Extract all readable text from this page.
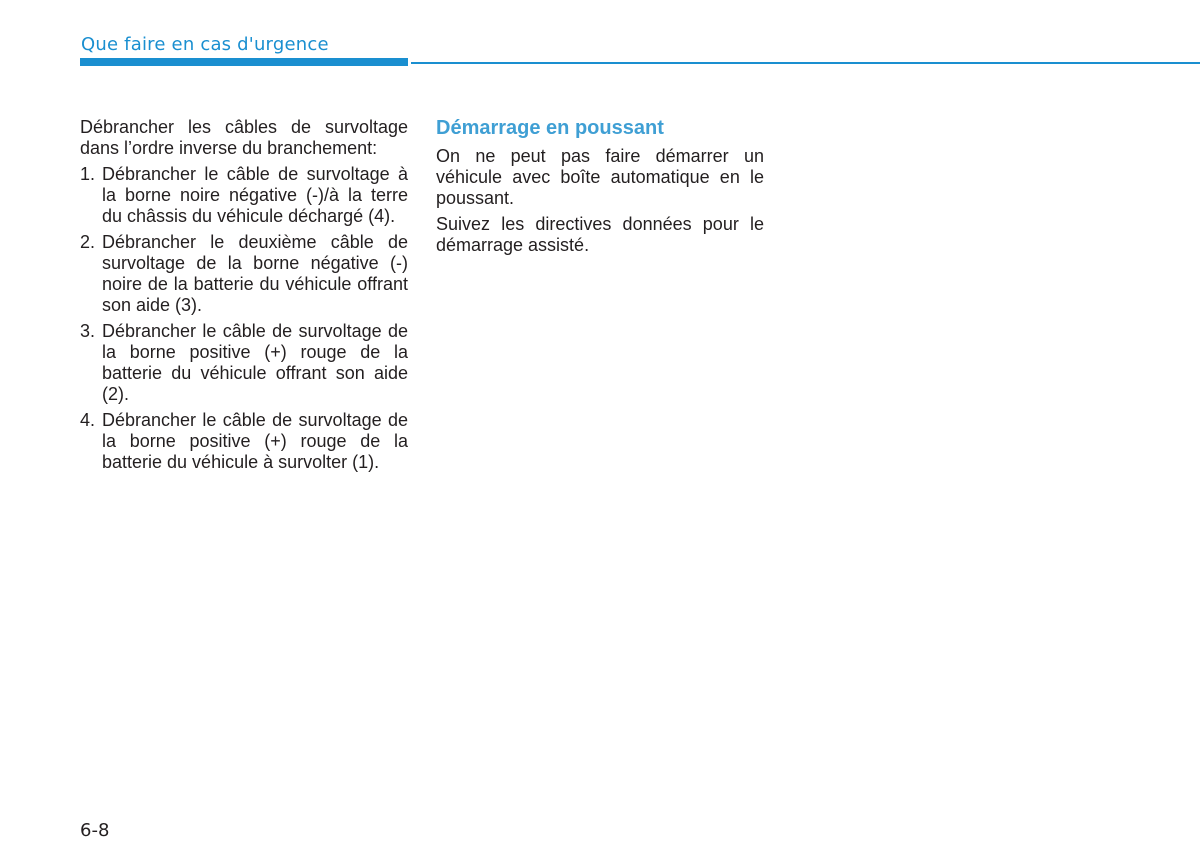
Que faire en cas d'urgence

Débrancher les câbles de survoltage dans l’ordre inverse du branchement:

1. Débrancher le câble de survoltage à la borne noire négative (-)/à la terre du châssis du véhicule déchargé (4).
2. Débrancher le deuxième câble de survoltage de la borne négative (-) noire de la batterie du véhicule offrant son aide (3).
3. Débrancher le câble de survoltage de la borne positive (+) rouge de la batterie du véhicule offrant son aide (2).
4. Débrancher le câble de survoltage de la borne positive (+) rouge de la batterie du véhicule à survolter (1).
Démarrage en poussant

On ne peut pas faire démarrer un véhicule avec boîte automatique en le poussant.

Suivez les directives données pour le démarrage assisté.

6-8
